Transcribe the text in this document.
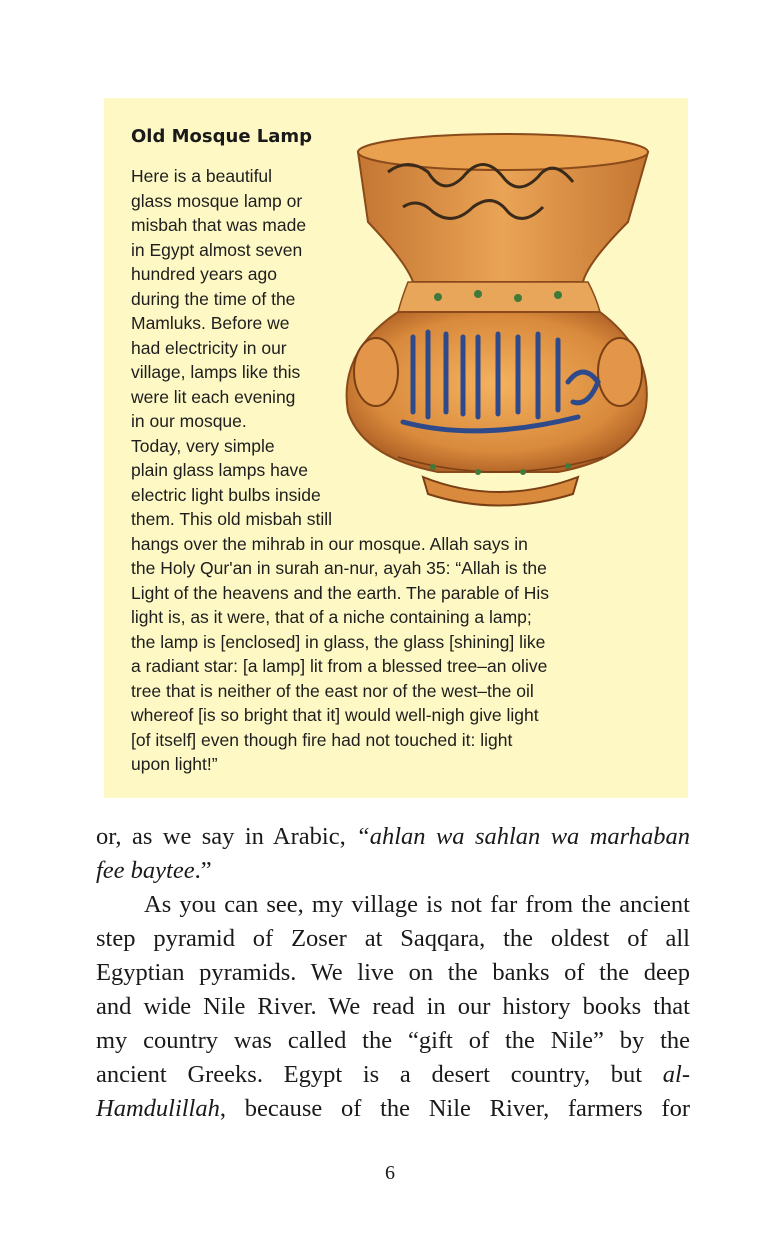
Old Mosque Lamp

Here is a beautiful
glass mosque lamp or
misbah that was made
in Egypt almost seven
hundred years ago
during the time of the
Mamluks. Before we
had electricity in our
village, lamps like this
were lit each evening
in our mosque.
Today, very simple
plain glass lamps have
electric light bulbs inside
them. This old misbah still
hangs over the mihrab in our mosque. Allah says in
the Holy Qur'an in surah an-nur, ayah 35: “Allah is the
Light of the heavens and the earth. The parable of His
light is, as it were, that of a niche containing a lamp;
the lamp is [enclosed] in glass, the glass [shining] like
a radiant star: [a lamp] lit from a blessed tree–an olive
tree that is neither of the east nor of the west–the oil
whereof [is so bright that it] would well-nigh give light
[of itself] even though fire had not touched it: light
upon light!”

or, as we say in Arabic, “ahlan wa sahlan wa marhaban
fee baytee.”
As you can see, my village is not far from the ancient
step pyramid of Zoser at Saqqara, the oldest of all
Egyptian pyramids. We live on the banks of the deep
and wide Nile River. We read in our history books that
my country was called the “gift of the Nile” by the
ancient Greeks. Egypt is a desert country, but al-
Hamdulillah, because of the Nile River, farmers for
6
